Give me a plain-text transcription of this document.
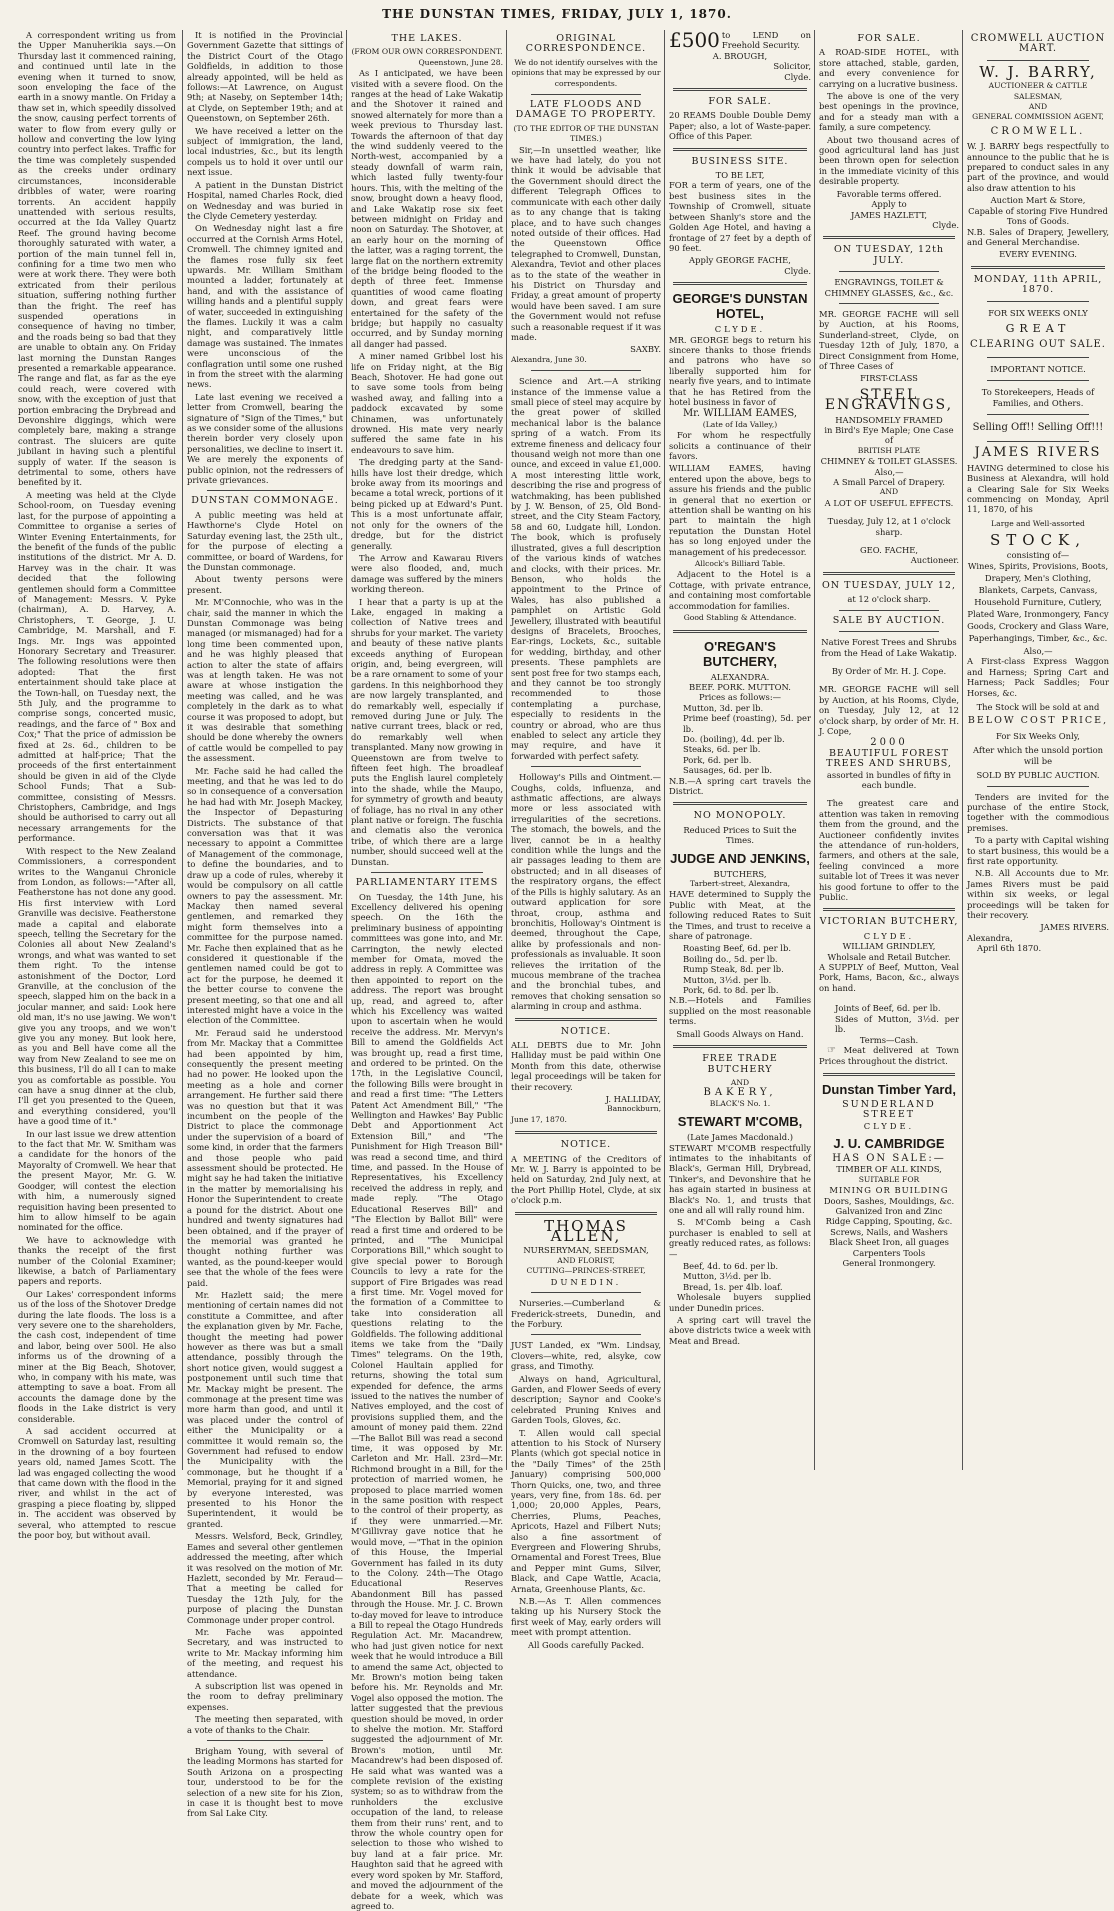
THE DUNSTAN TIMES, FRIDAY, JULY 1, 1870.

A correspondent writing us from the Upper Manuherikia says.—On Thursday last it commenced raining, and continued until late in the evening when it turned to snow, soon enveloping the face of the earth in a snowy mantle. On Friday a thaw set in, which speedily dissolved the snow, causing perfect torrents of water to flow from every gully or hollow and converting the low lying country into perfect lakes. Traffic for the time was completely suspended as the creeks under ordinary circumstances, inconsiderable dribbles of water, were roaring torrents. An accident happily unattended with serious results, occurred at the Ida Valley Quartz Reef. The ground having become thoroughly saturated with water, a portion of the main tunnel fell in, confining for a time two men who were at work there. They were both extricated from their perilous situation, suffering nothing further than the fright. The reef has suspended operations in consequence of having no timber, and the roads being so bad that they are unable to obtain any. On Friday last morning the Dunstan Ranges presented a remarkable appearance. The range and flat, as far as the eye could reach, were covered with snow, with the exception of just that portion embracing the Drybread and Devonshire diggings, which were completely bare, making a strange contrast. The sluicers are quite jubilant in having such a plentiful supply of water. If the season is detrimental to some, others have benefited by it.

A meeting was held at the Clyde School-room, on Tuesday evening last, for the purpose of appointing a Committee to organise a series of Winter Evening Entertainments, for the benefit of the funds of the public institutions of the district. Mr A. D. Harvey was in the chair. It was decided that the following gentlemen should form a Committee of Management: Messrs. V. Pyke (chairman), A. D. Harvey, A. Christophers, T. George, J. U. Cambridge, M. Marshall, and F. Ings. Mr. Ings was appointed Honorary Secretary and Treasurer. The following resolutions were then adopted: That the first entertainment should take place at the Town-hall, on Tuesday next, the 5th July, and the programme to comprise songs, concerted music, readings, and the farce of " Box and Cox;" That the price of admission be fixed at 2s. 6d., children to be admitted at half-price; That the proceeds of the first entertainment should be given in aid of the Clyde School Funds; That a Sub-committee, consisting of Messrs. Christophers, Cambridge, and Ings should be authorised to carry out all necessary arrangements for the performance.

With respect to the New Zealand Commissioners, a correspondent writes to the Wanganui Chronicle from London, as follows:—"After all, Featherstone has not done any good. His first interview with Lord Granville was decisive. Featherstone made a capital and elaborate speech, telling the Secretary for the Colonies all about New Zealand's wrongs, and what was wanted to set them right. To the intense astonishment of the Doctor, Lord Granville, at the conclusion of the speech, slapped him on the back in a jocular manner, and said: Look here old man, it's no use jawing. We won't give you any troops, and we won't give you any money. But look here, as you and Bell have come all the way from New Zealand to see me on this business, I'll do all I can to make you as comfortable as possible. You can have a snug dinner at the club, I'll get you presented to the Queen, and everything considered, you'll have a good time of it."

In our last issue we drew attention to the fact that Mr. W. Smitham was a candidate for the honors of the Mayoralty of Cromwell. We hear that the present Mayor, Mr. G. W. Goodger, will contest the election with him, a numerously signed requisition having been presented to him to allow himself to be again nominated for the office.

We have to acknowledge with thanks the receipt of the first number of the Colonial Examiner; likewise, a batch of Parliamentary papers and reports.

Our Lakes' correspondent informs us of the loss of the Shotover Dredge during the late floods. The loss is a very severe one to the shareholders, the cash cost, independent of time and labor, being over 500l. He also informs us of the drowning of a miner at the Big Beach, Shotover, who, in company with his mate, was attempting to save a boat. From all accounts the damage done by the floods in the Lake district is very considerable.

A sad accident occurred at Cromwell on Saturday last, resulting in the drowning of a boy fourteen years old, named James Scott. The lad was engaged collecting the wood that came down with the flood in the river, and whilst in the act of grasping a piece floating by, slipped in. The accident was observed by several, who attempted to rescue the poor boy, but without avail.

It is notified in the Provincial Government Gazette that sittings of the District Court of the Otago Goldfields, in addition to those already appointed, will be held as follows:—At Lawrence, on August 9th; at Naseby, on September 14th; at Clyde, on September 19th; and at Queenstown, on September 26th.

We have received a letter on the subject of immigration, the land, local industries, &c., but its length compels us to hold it over until our next issue.

A patient in the Dunstan District Hospital, named Charles Rock, died on Wednesday and was buried in the Clyde Cemetery yesterday.

On Wednesday night last a fire occurred at the Cornish Arms Hotel, Cromwell. The chimney ignited and the flames rose fully six feet upwards. Mr. William Smitham mounted a ladder, fortunately at hand, and with the assistance of willing hands and a plentiful supply of water, succeeded in extinguishing the flames. Luckily it was a calm night, and comparatively little damage was sustained. The inmates were unconscious of the conflagration until some one rushed in from the street with the alarming news.

Late last evening we received a letter from Cromwell, bearing the signature of "Sign of the Times," but as we consider some of the allusions therein border very closely upon personalities, we decline to insert it. We are merely the exponents of public opinion, not the redressers of private grievances.

DUNSTAN COMMONAGE.

A public meeting was held at Hawthorne's Clyde Hotel on Saturday evening last, the 25th ult., for the purpose of electing a committee, or board of Wardens, for the Dunstan commonage.

About twenty persons were present.

Mr. M'Connochie, who was in the chair, said the manner in which the Dunstan Commonage was being managed (or mismanaged) had for a long time been commented upon, and he was highly pleased that action to alter the state of affairs was at length taken. He was not aware at whose instigation the meeting was called, and he was completely in the dark as to what course it was proposed to adopt, but it was desirable that something should be done whereby the owners of cattle would be compelled to pay the assessment.

Mr. Fache said he had called the meeting, and that he was led to do so in consequence of a conversation he had had with Mr. Joseph Mackey, the Inspector of Depasturing Districts. The substance of that conversation was that it was necessary to appoint a Committee of Management of the commonage, to define the boundaries, and to draw up a code of rules, whereby it would be compulsory on all cattle owners to pay the assessment. Mr. Mackay then named several gentlemen, and remarked they might form themselves into a committee for the purpose named. Mr. Fache then explained that as he considered it questionable if the gentlemen named could be got to act for the purpose, he deemed it the better course to convene the present meeting, so that one and all interested might have a voice in the election of the Committee.

Mr. Feraud said he understood from Mr. Mackay that a Committee had been appointed by him, consequently the present meeting had no power. He looked upon the meeting as a hole and corner arrangement. He further said there was no question but that it was incumbent on the people of the District to place the commonage under the supervision of a board of some kind, in order that the farmers and those people who paid assessment should be protected. He might say he had taken the initiative in the matter by memorialising his Honor the Superintendent to create a pound for the district. About one hundred and twenty signatures had been obtained, and if the prayer of the memorial was granted he thought nothing further was wanted, as the pound-keeper would see that the whole of the fees were paid.

Mr. Hazlett said; the mere mentioning of certain names did not constitute a Committee, and after the explanation given by Mr. Fache, thought the meeting had power however as there was but a small attendance, possibly through the short notice given, would suggest a postponement until such time that Mr. Mackay might be present. The commonage at the present time was more harm than good, and until it was placed under the control of either the Municipality or a committee it would remain so, the Government had refused to endow the Municipality with the commonage, but he thought if a Memorial, praying for it and signed by everyone interested, was presented to his Honor the Superintendent, it would be granted.

Messrs. Welsford, Beck, Grindley, Eames and several other gentlemen addressed the meeting, after which it was resolved on the motion of Mr. Hazlett, seconded by Mr. Feraud—That a meeting be called for Tuesday the 12th July, for the purpose of placing the Dunstan Commonage under proper control.

Mr. Fache was appointed Secretary, and was instructed to write to Mr. Mackay informing him of the meeting, and request his attendance.

A subscription list was opened in the room to defray preliminary expenses.

The meeting then separated, with a vote of thanks to the Chair.

Brigham Young, with several of the leading Mormons has started for South Arizona on a prospecting tour, understood to be for the selection of a new site for his Zion, in case it is thought best to move from Sal Lake City.

THE LAKES.
(FROM OUR OWN CORRESPONDENT.
Queenstown, June 28.

As I anticipated, we have been visited with a severe flood. On the ranges at the head of Lake Wakatip and the Shotover it rained and snowed alternately for more than a week previous to Thursday last. Towards the afternoon of that day the wind suddenly veered to the North-west, accompanied by a steady downfall of warm rain, which lasted fully twenty-four hours. This, with the melting of the snow, brought down a heavy flood, and Lake Wakatip rose six feet between midnight on Friday and noon on Saturday. The Shotover, at an early hour on the morning of the latter, was a raging torrent, the large flat on the northern extremity of the bridge being flooded to the depth of three feet. Immense quantities of wood came floating down, and great fears were entertained for the safety of the bridge; but happily no casualty occurred, and by Sunday morning all danger had passed.

A miner named Gribbel lost his life on Friday night, at the Big Beach, Shotover. He had gone out to save some tools from being washed away, and falling into a paddock excavated by some Chinamen, was unfortunately drowned. His mate very nearly suffered the same fate in his endeavours to save him.

The dredging party at the Sand-hills have lost their dredge, which broke away from its moorings and became a total wreck, portions of it being picked up at Edward's Punt. This is a most unfortunate affair, not only for the owners of the dredge, but for the district generally.

The Arrow and Kawarau Rivers were also flooded, and, much damage was suffered by the miners working thereon.

I hear that a party is up at the Lake, engaged in making a collection of Native trees and shrubs for your market. The variety and beauty of these native plants exceeds anything of European origin, and, being evergreen, will be a rare ornament to some of your gardens. In this neighborhood they are now largely transplanted, and do remarkably well, especially if removed during June or July. The native currant trees, black or red, do remarkably well when transplanted. Many now growing in Queenstown are from twelve to fifteen feet high. The broadleaf puts the English laurel completely into the shade, while the Maupo, for symmetry of growth and beauty of foliage, has no rival in any other plant native or foreign. The fuschia and clematis also the veronica tribe, of which there are a large number, should succeed well at the Dunstan.

PARLIAMENTARY ITEMS

On Tuesday, the 14th June, his Excellency delivered his opening speech. On the 16th the preliminary business of appointing committees was gone into, and Mr. Carrington, the newly elected member for Omata, moved the address in reply. A Committee was then appointed to report on the address. The report was brought up, read, and agreed to, after which his Excellency was waited upon to ascertain when he would receive the address. Mr. Mervyn's Bill to amend the Goldfields Act was brought up, read a first time, and ordered to be printed. On the 17th, in the Legislative Council, the following Bills were brought in and read a first time: "The Letters Patent Act Amendment Bill," "The Wellington and Hawkes' Bay Public Debt and Apportionment Act Extension Bill," and "The Punishment for High Treason Bill" was read a second time, and third time, and passed. In the House of Representatives, his Excellency received the address in reply, and made reply. "The Otago Educational Reserves Bill" and "The Election by Ballot Bill" were read a first time and ordered to be printed, and "The Municipal Corporations Bill," which sought to give special power to Borough Councils to levy a rate for the support of Fire Brigades was read a first time. Mr. Vogel moved for the formation of a Committee to take into consideration all questions relating to the Goldfields. The following additional items we take from the "Daily Times" telegrams. On the 19th, Colonel Haultain applied for returns, showing the total sum expended for defence, the arms issued to the natives the number of Natives employed, and the cost of provisions supplied them, and the amount of money paid them. 22nd—The Ballot Bill was read a second time, it was opposed by Mr. Carleton and Mr. Hall. 23rd—Mr. Richmond brought in a Bill, for the protection of married women, he proposed to place married women in the same position with respect to the control of their property, as if they were unmarried.—Mr. M'Gillivray gave notice that he would move, —"That in the opinion of this House, the Imperial Government has failed in its duty to the Colony. 24th—The Otago Educational Reserves Abandonment Bill has passed through the House. Mr. J. C. Brown to-day moved for leave to introduce a Bill to repeal the Otago Hundreds Regulation Act. Mr. Macandrew, who had just given notice for next week that he would introduce a Bill to amend the same Act, objected to Mr. Brown's motion being taken before his. Mr. Reynolds and Mr. Vogel also opposed the motion. The latter suggested that the previous question should be moved, in order to shelve the motion. Mr. Stafford suggested the adjournment of Mr. Brown's motion, until Mr. Macandrew's had been disposed of. He said what was wanted was a complete revision of the existing system; so as to withdraw from the runholders the exclusive occupation of the land, to release them from their runs' rent, and to throw the whole country open for selection to those who wished to buy land at a fair price. Mr. Haughton said that he agreed with every word spoken by Mr. Stafford, and moved the adjournment of the debate for a week, which was agreed to.

ORIGINAL CORRESPONDENCE.

We do not identify ourselves with the opinions that may be expressed by our correspondents.

LATE FLOODS AND DAMAGE TO PROPERTY.
(TO THE EDITOR OF THE DUNSTAN TIMES.)

Sir,—In unsettled weather, like we have had lately, do you not think it would be advisable that the Government should direct the different Telegraph Offices to communicate with each other daily as to any change that is taking place, and to have such changes noted outside of their offices. Had the Queenstown Office telegraphed to Cromwell, Dunstan, Alexandra, Teviot and other places as to the state of the weather in his District on Thursday and Friday, a great amount of property would have been saved. I am sure the Government would not refuse such a reasonable request if it was made.

SAXBY.
Alexandra, June 30.

Science and Art.—A striking instance of the immense value a small piece of steel may acquire by the great power of skilled mechanical labor is the balance spring of a watch. From its extreme fineness and delicacy four thousand weigh not more than one ounce, and exceed in value £1,000. A most interesting little work, describing the rise and progress of watchmaking, has been published by J. W. Benson, of 25, Old Bond-street, and the City Steam Factory, 58 and 60, Ludgate hill, London. The book, which is profusely illustrated, gives a full description of the various kinds of watches and clocks, with their prices. Mr. Benson, who holds the appointment to the Prince of Wales, has also published a pamphlet on Artistic Gold Jewellery, illustrated with beautiful designs of Bracelets, Brooches, Ear-rings, Lockets, &c., suitable for wedding, birthday, and other presents. These pamphlets are sent post free for two stamps each, and they cannot be too strongly recommended to those contemplating a purchase, especially to residents in the country or abroad, who are thus enabled to select any article they may require, and have it forwarded with perfect safety.

Holloway's Pills and Ointment.—Coughs, colds, influenza, and asthmatic affections, are always more or less associated with irregularities of the secretions. The stomach, the bowels, and the liver, cannot be in a healthy condition while the lungs and the air passages leading to them are obstructed; and in all diseases of the respiratory organs, the effect of the Pills is highly salutary. As an outward application for sore throat, croup, asthma and bronchitis, Holloway's Ointment is deemed, throughout the Cape, alike by professionals and non-professionals as invaluable. It soon relieves the irritation of the mucous membrane of the trachea and the bronchial tubes, and removes that choking sensation so alarming in croup and asthma.

NOTICE.

ALL DEBTS due to Mr. John Halliday must be paid within One Month from this date, otherwise legal proceedings will be taken for their recovery.

J. HALLIDAY,
Bannockburn,
June 17, 1870.
NOTICE.

A MEETING of the Creditors of Mr. W. J. Barry is appointed to be held on Saturday, 2nd July next, at the Port Phillip Hotel, Clyde, at six o'clock p.m.

THOMAS ALLEN,
NURSERYMAN, SEEDSMAN,
AND FLORIST,
CUTTING—PRINCES-STREET,
DUNEDIN.

Nurseries.—Cumberland & Frederick-streets, Dunedin, and the Forbury.

JUST Landed, ex "Wm. Lindsay, Clovers—white, red, alsyke, cow grass, and Timothy.

Always on hand, Agricultural, Garden, and Flower Seeds of every description; Saynor and Cooke's celebrated Pruning Knives and Garden Tools, Gloves, &c.

T. Allen would call special attention to his Stock of Nursery Plants (which got special notice in the "Daily Times" of the 25th January) comprising 500,000 Thorn Quicks, one, two, and three years, very fine, from 18s. 6d. per 1,000; 20,000 Apples, Pears, Cherries, Plums, Peaches, Apricots, Hazel and Filbert Nuts; also a fine assortment of Evergreen and Flowering Shrubs, Ornamental and Forest Trees, Blue and Pepper mint Gums, Silver, Black, and Cape Wattle, Acacia, Arnata, Greenhouse Plants, &c.

N.B.—As T. Allen commences taking up his Nursery Stock the first week of May, early orders will meet with prompt attention.

All Goods carefully Packed.
£500 to LEND on Freehold Security.
A. BROUGH,
Solicitor,
Clyde.
FOR SALE.

20 REAMS Double Double Demy Paper; also, a lot of Waste-paper. Office of this Paper.

BUSINESS SITE.
TO BE LET,

FOR a term of years, one of the best business sites in the Township of Cromwell, situate between Shanly's store and the Golden Age Hotel, and having a frontage of 27 feet by a depth of 90 feet.

Apply GEORGE FACHE,
Clyde.
GEORGE'S DUNSTAN HOTEL,
CLYDE.

MR. GEORGE begs to return his sincere thanks to those friends and patrons who have so liberally supported him for nearly five years, and to intimate that he has Retired from the hotel business in favor of

Mr. WILLIAM EAMES,
(Late of Ida Valley,)

For whom he respectfully solicits a continuance of their favors.

WILLIAM EAMES, having entered upon the above, begs to assure his friends and the public in general that no exertion or attention shall be wanting on his part to maintain the high reputation the Dunstan Hotel has so long enjoyed under the management of his predecessor.

Allcock's Billiard Table.

Adjacent to the Hotel is a Cottage, with private entrance, and containing most comfortable accommodation for families.

Good Stabling & Attendance.
O'REGAN'S BUTCHERY,
ALEXANDRA.
BEEF. PORK. MUTTON.
Prices as follows:—
Mutton, 3d. per lb.
Prime beef (roasting), 5d. per lb.
Do. (boiling), 4d. per lb.
Steaks, 6d. per lb.
Pork, 6d. per lb.
Sausages, 6d. per lb.

N.B.—A spring cart travels the District.

NO MONOPOLY.
Reduced Prices to Suit the Times.
JUDGE AND JENKINS,
BUTCHERS,
Tarbert-street, Alexandra,

HAVE determined to Supply the Public with Meat, at the following reduced Rates to Suit the Times, and trust to receive a share of patronage.

Roasting Beef, 6d. per lb.
Boiling do., 5d. per lb.
Rump Steak, 8d. per lb.
Mutton, 3½d. per lb.
Pork, 6d. to 8d. per lb.

N.B.—Hotels and Families supplied on the most reasonable terms.

Small Goods Always on Hand.
FREE TRADE BUTCHERY
AND
BAKERY,
BLACK'S No. 1.
STEWART M'COMB,
(Late James Macdonald.)

STEWART M'COMB respectfully intimates to the inhabitants of Black's, German Hill, Drybread, Tinker's, and Devonshire that he has again started in business at Black's No. 1, and trusts that one and all will rally round him.

S. M'Comb being a Cash purchaser is enabled to sell at greatly reduced rates, as follows:—

Beef, 4d. to 6d. per lb.
Mutton, 3½d. per lb.
Bread, 1s. per 4lb. loaf.

Wholesale buyers supplied under Dunedin prices.

A spring cart will travel the above districts twice a week with Meat and Bread.

FOR SALE.

A ROAD-SIDE HOTEL, with store attached, stable, garden, and every convenience for carrying on a lucrative business.

The above is one of the very best openings in the province, and for a steady man with a family, a sure competency.

About two thousand acres of good agricultural land has just been thrown open for selection in the immediate vicinity of this desirable property.

Favorable terms offered.
Apply to
JAMES HAZLETT,
Clyde.
ON TUESDAY, 12th JULY.
ENGRAVINGS, TOILET & CHIMNEY GLASSES, &c., &c.

MR. GEORGE FACHE will sell by Auction, at his Rooms, Sunderland-street, Clyde, on Tuesday 12th of July, 1870, a Direct Consignment from Home, of Three Cases of

FIRST-CLASS
STEEL ENGRAVINGS,
HANDSOMELY FRAMED
in Bird's Eye Maple; One Case of
BRITISH PLATE
CHIMNEY & TOILET GLASSES.
Also,—
A Small Parcel of Drapery.
AND
A LOT OF USEFUL EFFECTS.
Tuesday, July 12, at 1 o'clock sharp.
GEO. FACHE,
Auctioneer.
ON TUESDAY, JULY 12,
at 12 o'clock sharp.
SALE BY AUCTION.
Native Forest Trees and Shrubs from the Head of Lake Wakatip.
By Order of Mr. H. J. Cope.

MR. GEORGE FACHE will sell by Auction, at his Rooms, Clyde, on Tuesday, July 12, at 12 o'clock sharp, by order of Mr. H. J. Cope,

2000
BEAUTIFUL FOREST TREES AND SHRUBS,
assorted in bundles of fifty in each bundle.

The greatest care and attention was taken in removing them from the ground, and the Auctioneer confidently invites the attendance of run-holders, farmers, and others at the sale, feeling convinced a more suitable lot of Trees it was never his good fortune to offer to the Public.

VICTORIAN BUTCHERY,
CLYDE.
WILLIAM GRINDLEY,
Wholsale and Retail Butcher.

A SUPPLY of Beef, Mutton, Veal Pork, Hams, Bacon, &c., always on hand.

Joints of Beef, 6d. per lb.
Sides of Mutton, 3½d. per lb.
Terms—Cash.

☞ Meat delivered at Town Prices throughout the district.

Dunstan Timber Yard,
SUNDERLAND STREET
CLYDE.
J. U. CAMBRIDGE
HAS ON SALE:—
TIMBER OF ALL KINDS,
SUITABLE FOR
MINING OR BUILDING
Doors, Sashes, Mouldings, &c.
Galvanized Iron and Zinc
Ridge Capping, Spouting, &c.
Screws, Nails, and Washers
Black Sheet Iron, all guages
Carpenters Tools
General Ironmongery.
CROMWELL AUCTION MART.
W. J. BARRY,
AUCTIONEER & CATTLE SALESMAN,
AND
GENERAL COMMISSION AGENT,
CROMWELL.

W. J. BARRY begs respectfully to announce to the public that he is prepared to conduct sales in any part of the province, and would also draw attention to his

Auction Mart & Store,
Capable of storing Five Hundred Tons of Goods.

N.B. Sales of Drapery, Jewellery, and General Merchandise.

EVERY EVENING.
MONDAY, 11th APRIL, 1870.
FOR SIX WEEKS ONLY
GREAT
CLEARING OUT SALE.
IMPORTANT NOTICE.
To Storekeepers, Heads of Families, and Others.
Selling Off!! Selling Off!!!
JAMES RIVERS

HAVING determined to close his Business at Alexandra, will hold a Clearing Sale for Six Weeks commencing on Monday, April 11, 1870, of his

Large and Well-assorted
STOCK,
consisting of—

Wines, Spirits, Provisions, Boots, Drapery, Men's Clothing, Blankets, Carpets, Canvass, Household Furniture, Cutlery, Plated Ware, Ironmongery, Fancy Goods, Crockery and Glass Ware, Paperhangings, Timber, &c., &c.

Also,—

A First-class Express Waggon and Harness; Spring Cart and Harness; Pack Saddles; Four Horses, &c.

The Stock will be sold at and
BELOW COST PRICE,
For Six Weeks Only,
After which the unsold portion will be
SOLD BY PUBLIC AUCTION.

Tenders are invited for the purchase of the entire Stock, together with the commodious premises.

To a party with Capital wishing to start business, this would be a first rate opportunity.

N.B. All Accounts due to Mr. James Rivers must be paid within six weeks, or legal proceedings will be taken for their recovery.

JAMES RIVERS.
Alexandra,
April 6th 1870.
